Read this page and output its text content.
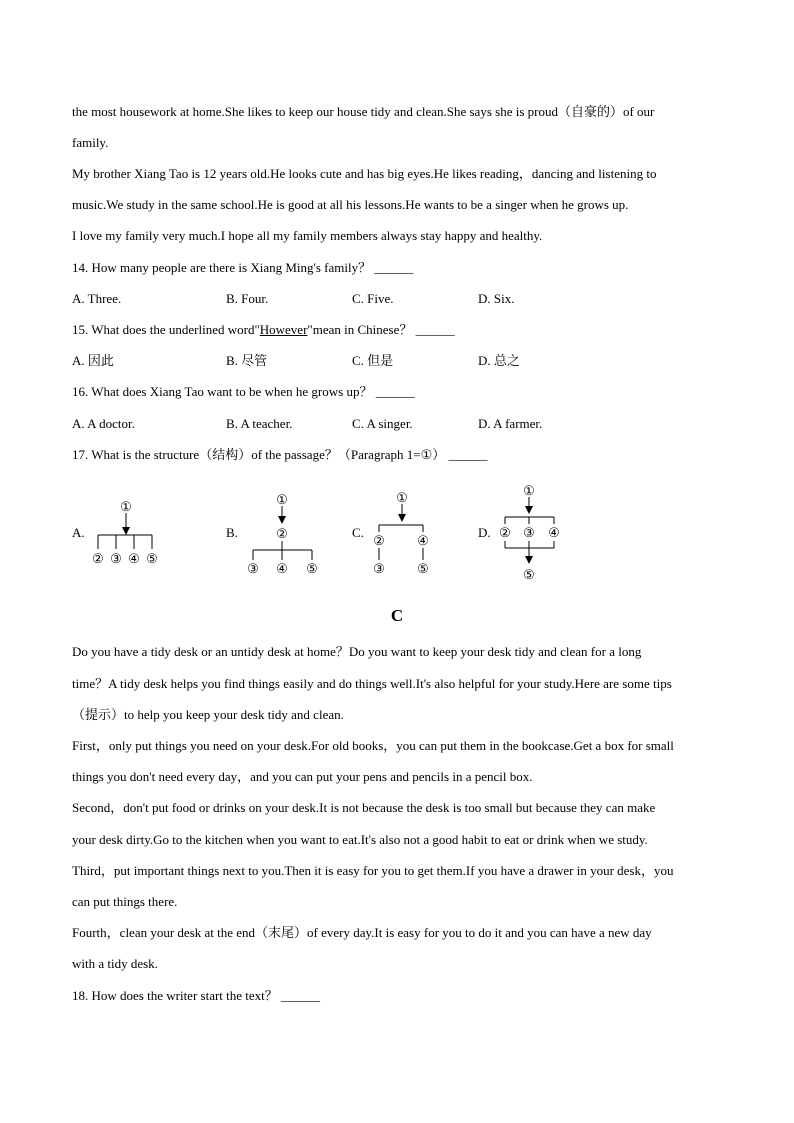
the most housework at home.She likes to keep our house tidy and clean.She says she is proud（自豪的）of our
family.
My brother Xiang Tao is 12 years old.He looks cute and has big eyes.He likes reading，dancing and listening to
music.We study in the same school.He is good at all his lessons.He wants to be a singer when he grows up.
I love my family very much.I hope all my family members always stay happy and healthy.
14. How many people are there is Xiang Ming's family？ ______
A. Three.	B. Four.	C. Five.	D. Six.
15. What does the underlined word"However"mean in Chinese？ ______
A. 因此	B. 尽管	C. 但是	D. 总之
16. What does Xiang Tao want to be when he grows up？ ______
A. A doctor.	B. A teacher.	C. A singer.	D. A farmer.
17. What is the structure（结构）of the passage？（Paragraph 1=①） ______
A.	B.	C.	D.
①
② ③ ④ ⑤
①
②
③ ④ ⑤
①
② ④
③ ⑤
①
② ③ ④
⑤
C
Do you have a tidy desk or an untidy desk at home？Do you want to keep your desk tidy and clean for a long
time？A tidy desk helps you find things easily and do things well.It's also helpful for your study.Here are some tips
（提示）to help you keep your desk tidy and clean.
First，only put things you need on your desk.For old books，you can put them in the bookcase.Get a box for small
things you don't need every day，and you can put your pens and pencils in a pencil box.
Second，don't put food or drinks on your desk.It is not because the desk is too small but because they can make
your desk dirty.Go to the kitchen when you want to eat.It's also not a good habit to eat or drink when we study.
Third，put important things next to you.Then it is easy for you to get them.If you have a drawer in your desk，you
can put things there.
Fourth，clean your desk at the end（末尾）of every day.It is easy for you to do it and you can have a new day
with a tidy desk.
18. How does the writer start the text？ ______
